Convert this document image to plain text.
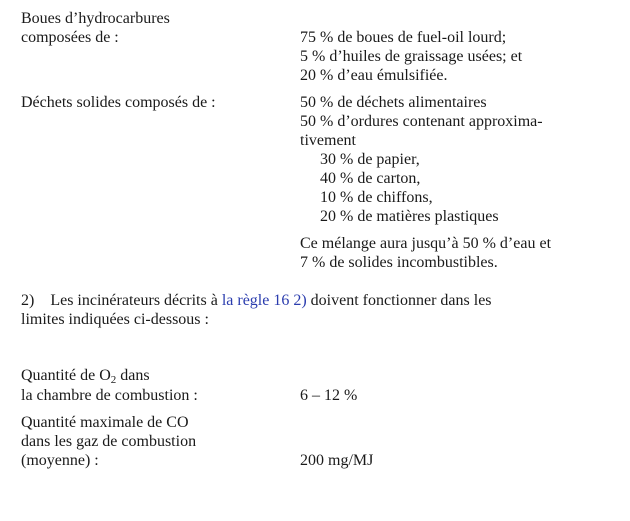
Boues d’hydrocarbures
composées de :	75 % de boues de fuel-oil lourd;
5 % d’huiles de graissage usées; et
20 % d’eau émulsifiée.
Déchets solides composés de :	50 % de déchets alimentaires
50 % d’ordures contenant approxima-
tivement
30 % de papier,
40 % de carton,
10 % de chiffons,
20 % de matières plastiques
Ce mélange aura jusqu’à 50 % d’eau et
7 % de solides incombustibles.
2) Les incinérateurs décrits à la règle 16 2) doivent fonctionner dans les
limites indiquées ci-dessous :
Quantité de $O_2$ dans
la chambre de combustion :	6 – 12 %
Quantité maximale de CO
dans les gaz de combustion
(moyenne) :	200 mg/MJ
